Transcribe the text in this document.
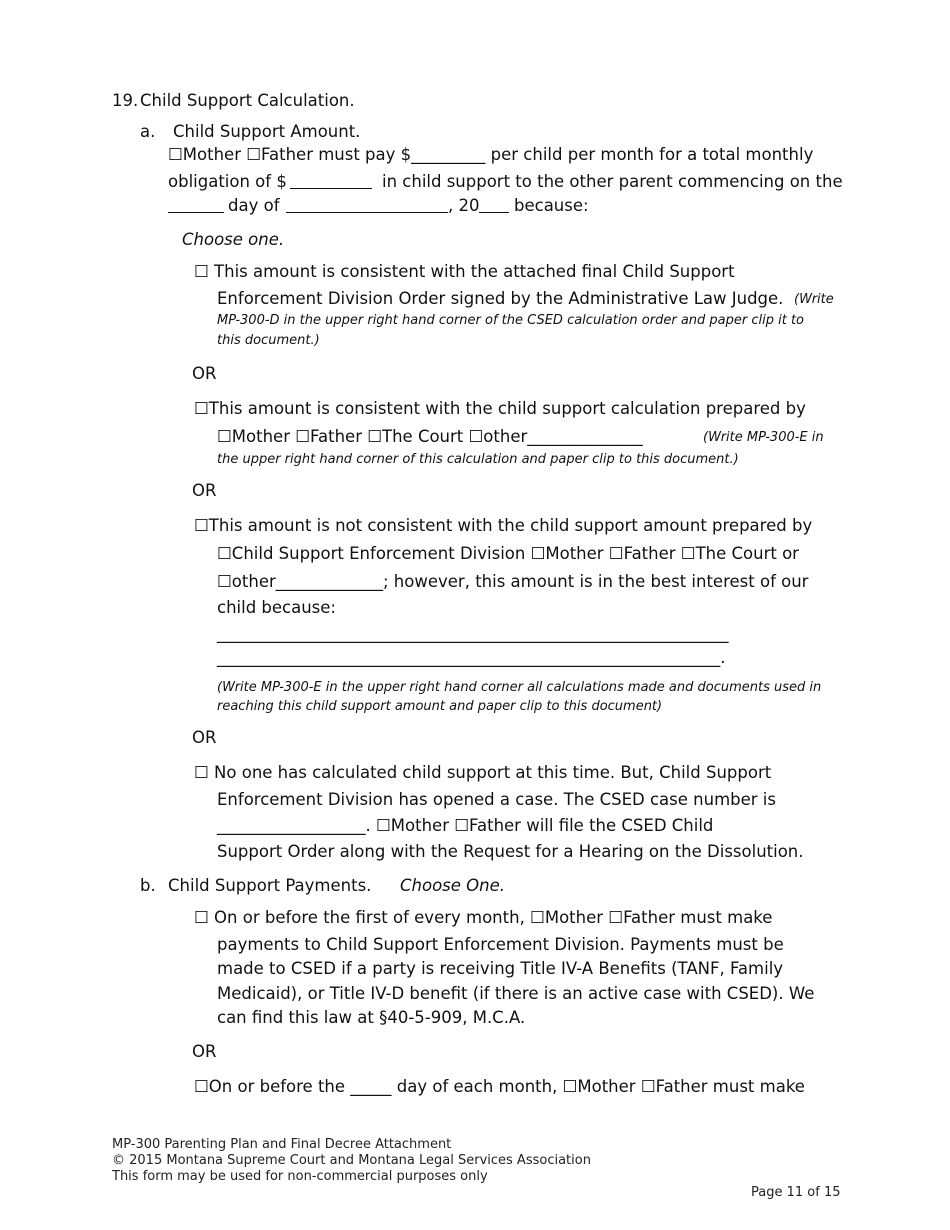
19. Child Support Calculation.
a. Child Support Amount.
☐Mother ☐Father must pay $_________ per child per month for a total monthly
obligation of $	in child support to the other parent commencing on the
day of	, 20 because:
Choose one.
☐ This amount is consistent with the attached final Child Support
Enforcement Division Order signed by the Administrative Law Judge. (Write
MP-300-D in the upper right hand corner of the CSED calculation order and paper clip it to
this document.)
OR
☐This amount is consistent with the child support calculation prepared by
☐Mother ☐Father ☐The Court ☐other______________	(Write MP-300-E in
the upper right hand corner of this calculation and paper clip to this document.)
OR
☐This amount is not consistent with the child support amount prepared by
☐Child Support Enforcement Division ☐Mother ☐Father ☐The Court or
☐other_____________; however, this amount is in the best interest of our
child because:
______________________________________________________________
_____________________________________________________________.
(Write MP-300-E in the upper right hand corner all calculations made and documents used in
reaching this child support amount and paper clip to this document)
OR
☐ No one has calculated child support at this time. But, Child Support
Enforcement Division has opened a case. The CSED case number is
__________________. ☐Mother ☐Father will file the CSED Child
Support Order along with the Request for a Hearing on the Dissolution.
b. Child Support Payments. Choose One.
☐ On or before the first of every month, ☐Mother ☐Father must make
payments to Child Support Enforcement Division. Payments must be
made to CSED if a party is receiving Title IV-A Benefits (TANF, Family
Medicaid), or Title IV-D benefit (if there is an active case with CSED). We
can find this law at §40-5-909, M.C.A.
OR
☐On or before the _____ day of each month, ☐Mother ☐Father must make
MP-300 Parenting Plan and Final Decree Attachment
© 2015 Montana Supreme Court and Montana Legal Services Association
This form may be used for non-commercial purposes only
Page 11 of 15
